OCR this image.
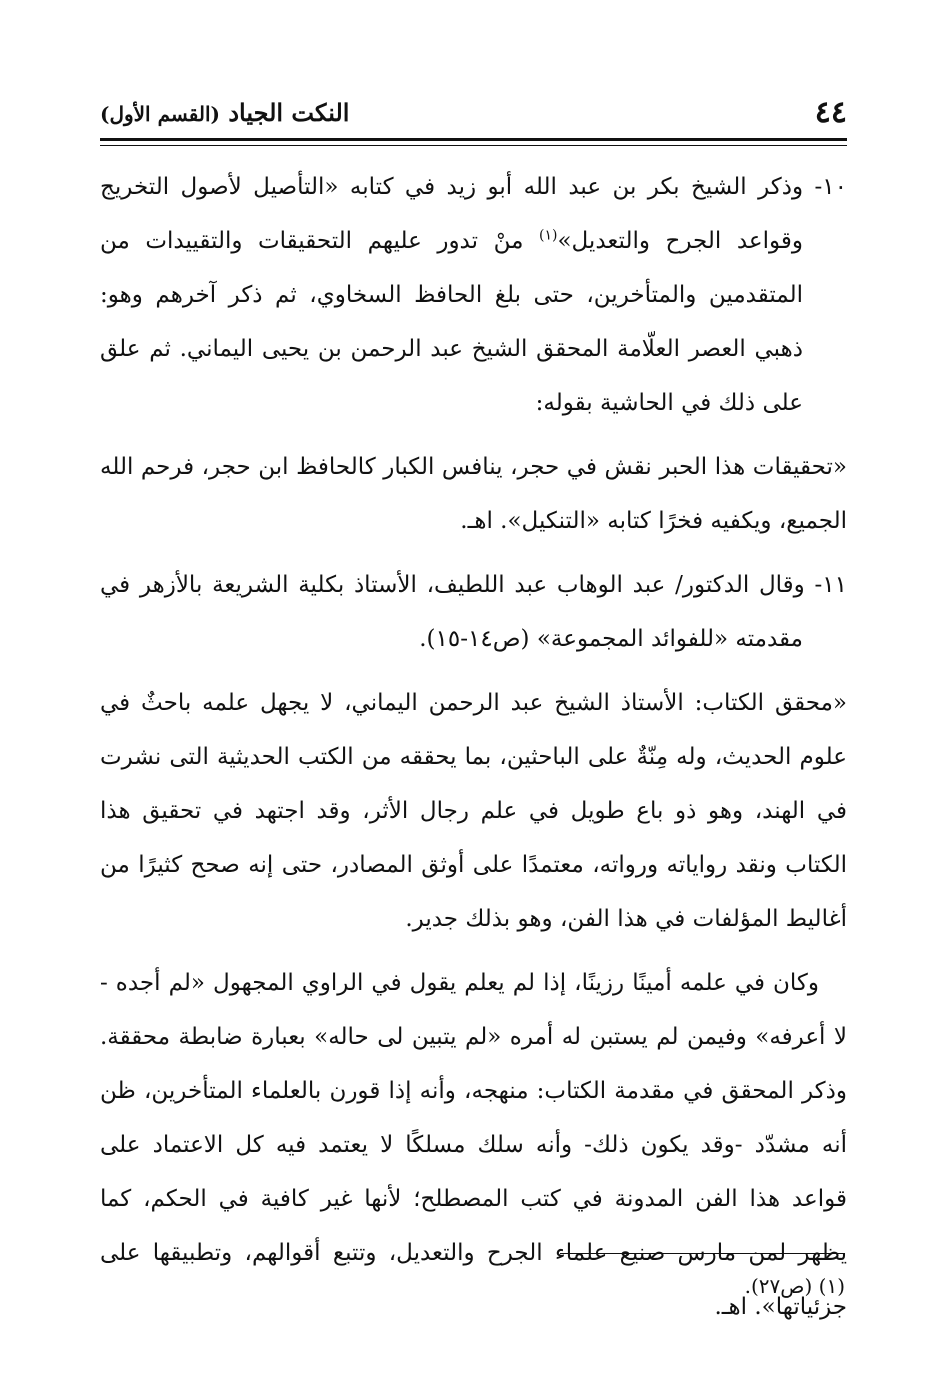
٤٤
النكت الجياد (القسم الأول)

١٠- وذكر الشيخ بكر بن عبد الله أبو زيد في كتابه «التأصيل لأصول التخريج وقواعد الجرح والتعديل»$^{(١)}$ منْ تدور عليهم التحقيقات والتقييدات من المتقدمين والمتأخرين، حتى بلغ الحافظ السخاوي، ثم ذكر آخرهم وهو: ذهبي العصر العلّامة المحقق الشيخ عبد الرحمن بن يحيى اليماني. ثم علق على ذلك في الحاشية بقوله:

«تحقيقات هذا الحبر نقش في حجر، ينافس الكبار كالحافظ ابن حجر، فرحم الله الجميع، ويكفيه فخرًا كتابه «التنكيل». اهـ.

١١- وقال الدكتور/ عبد الوهاب عبد اللطيف، الأستاذ بكلية الشريعة بالأزهر في مقدمته «للفوائد المجموعة» (ص١٤-١٥).

«محقق الكتاب: الأستاذ الشيخ عبد الرحمن اليماني، لا يجهل علمه باحثٌ في علوم الحديث، وله مِنّةٌ على الباحثين، بما يحققه من الكتب الحديثية التى نشرت في الهند، وهو ذو باع طويل في علم رجال الأثر، وقد اجتهد في تحقيق هذا الكتاب ونقد رواياته ورواته، معتمدًا على أوثق المصادر، حتى إنه صحح كثيرًا من أغاليط المؤلفات في هذا الفن، وهو بذلك جدير.

وكان في علمه أمينًا رزينًا، إذا لم يعلم يقول في الراوي المجهول «لم أجده - لا أعرفه» وفيمن لم يستبن له أمره «لم يتبين لى حاله» بعبارة ضابطة محققة. وذكر المحقق في مقدمة الكتاب: منهجه، وأنه إذا قورن بالعلماء المتأخرين، ظن أنه مشدّد -وقد يكون ذلك- وأنه سلك مسلكًا لا يعتمد فيه كل الاعتماد على قواعد هذا الفن المدونة في كتب المصطلح؛ لأنها غير كافية في الحكم، كما يظهر لمن مارس صنيع علماء الجرح والتعديل، وتتبع أقوالهم، وتطبيقها على جزئياتها». اهـ.

(١) (ص٢٧).
